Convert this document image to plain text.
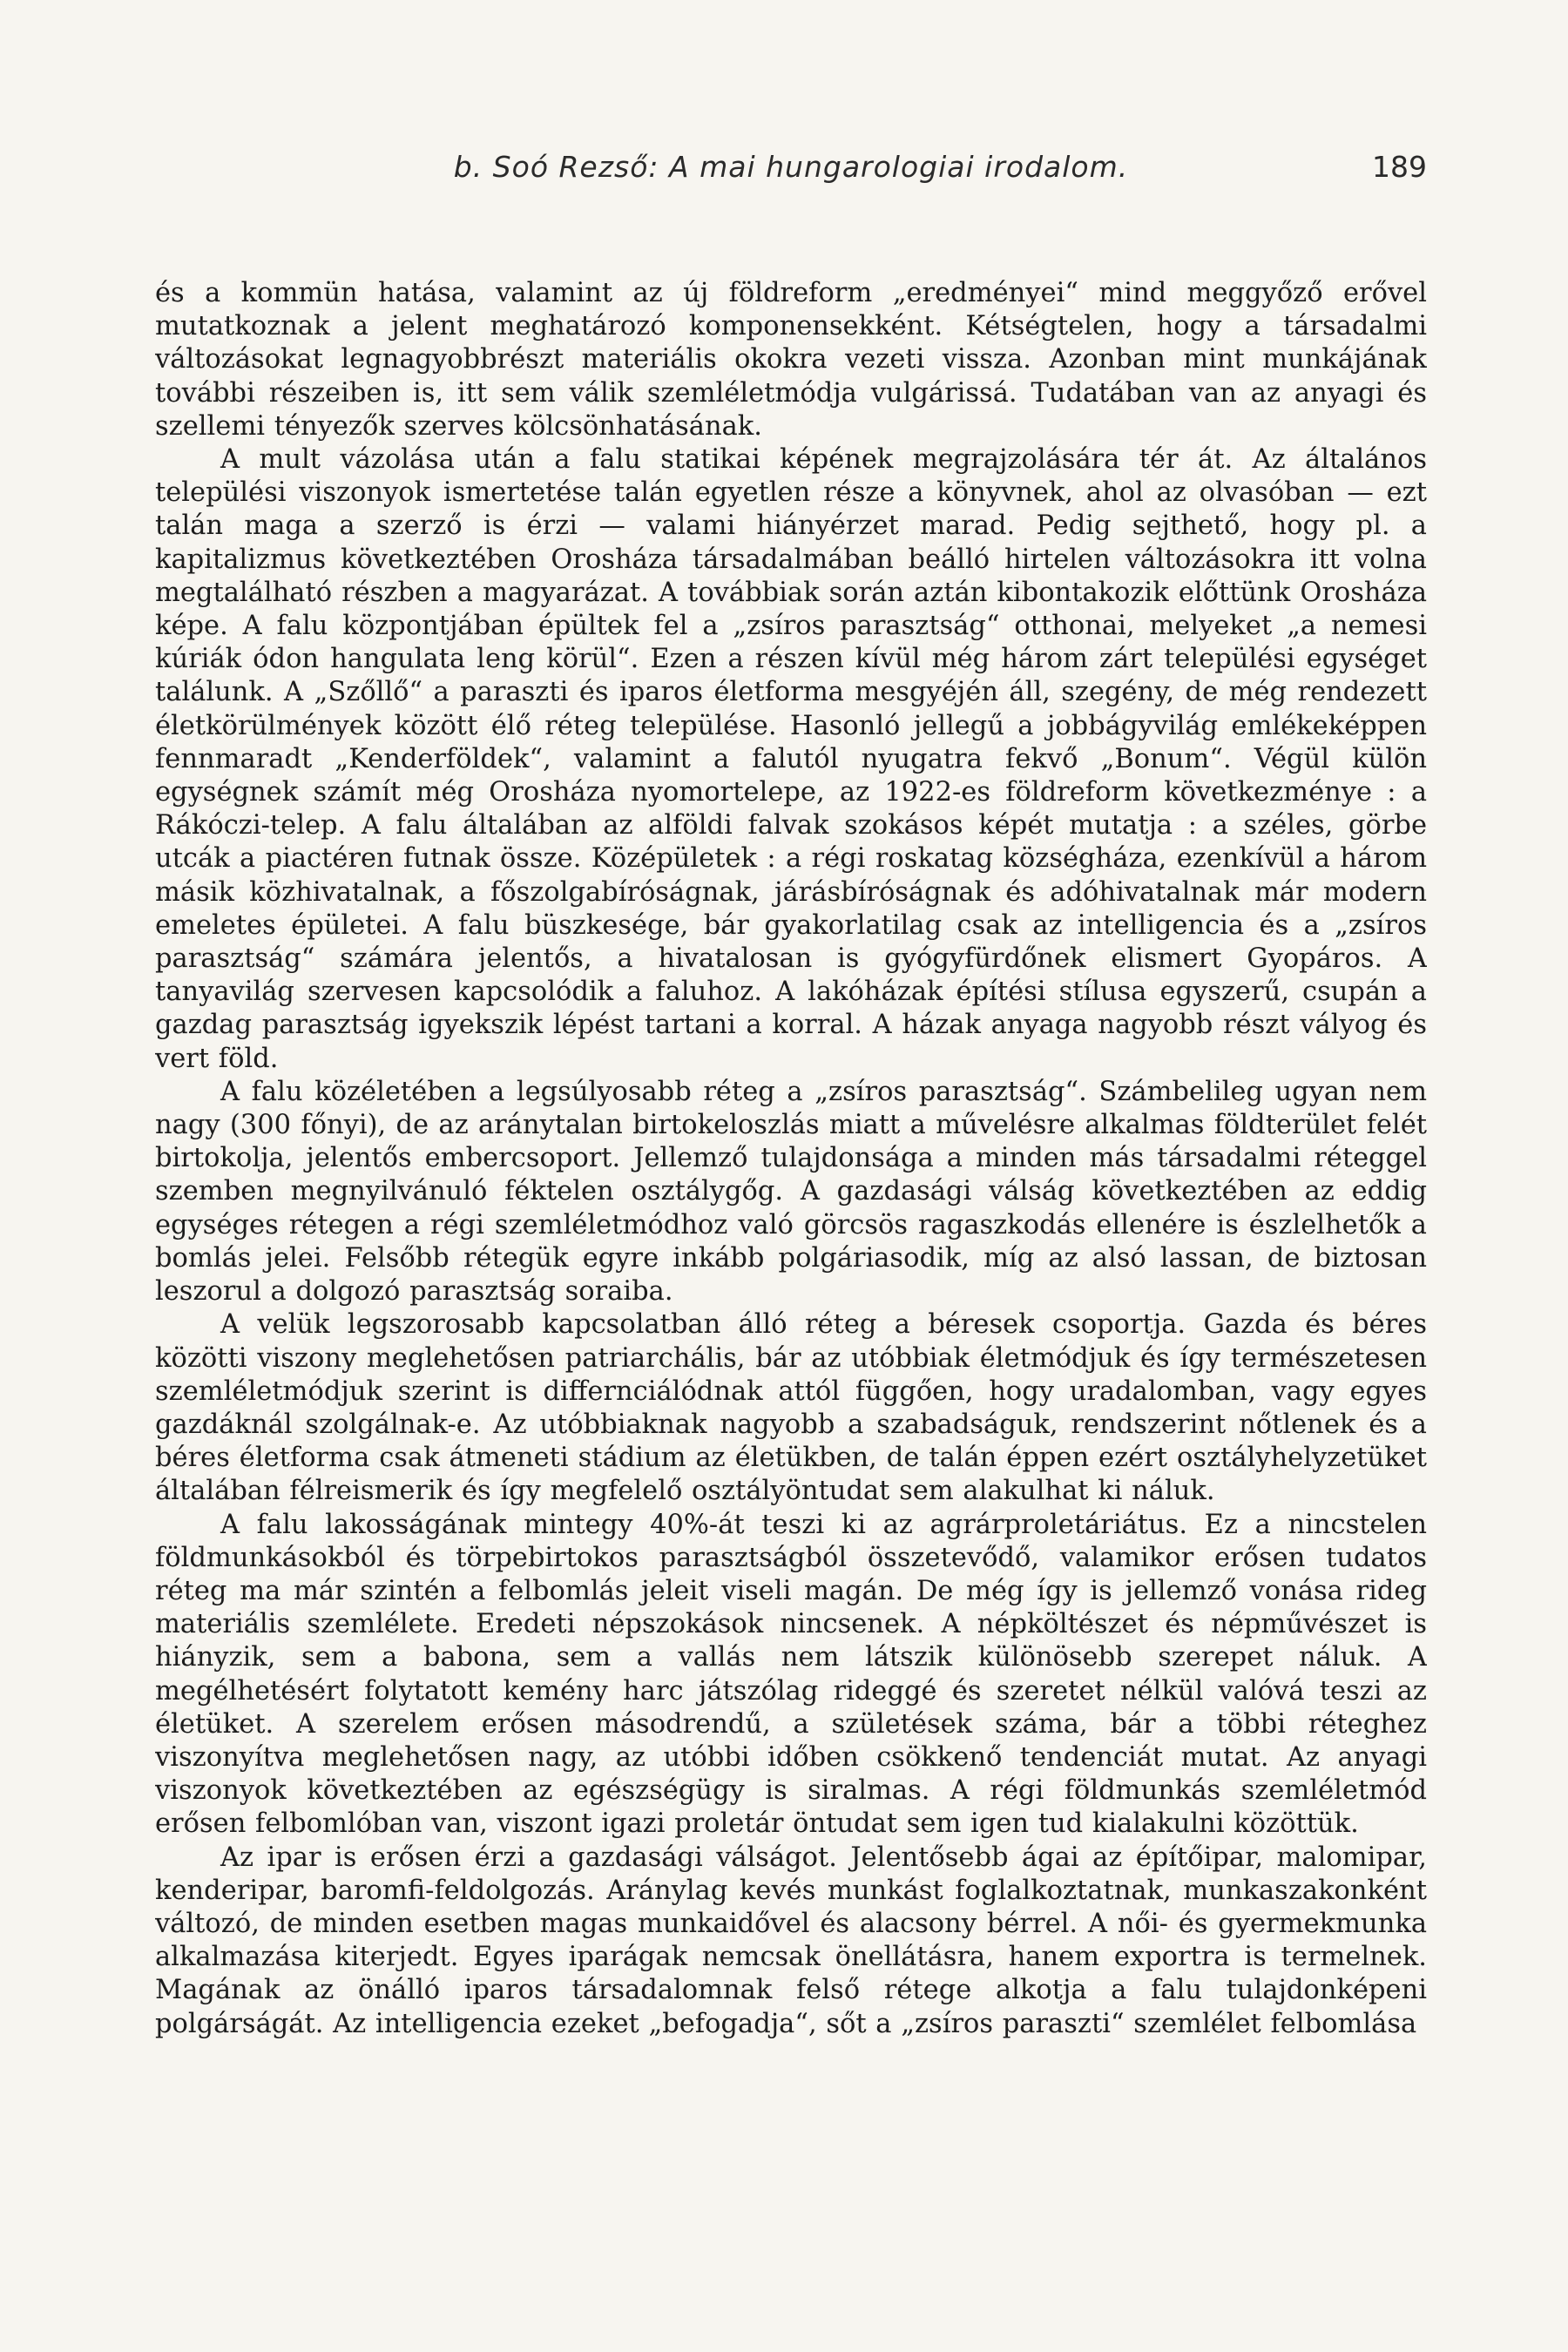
b. Soó Rezső: A mai hungarologiai irodalom.	189

és a kommün hatása, valamint az új földreform „eredményei“ mind meggyőző erővel mutatkoznak a jelent meghatározó komponensekként. Kétségtelen, hogy a társadalmi változásokat legnagyobbrészt materiális okokra vezeti vissza. Azonban mint munkájának további részeiben is, itt sem válik szemléletmódja vulgárissá. Tudatában van az anyagi és szellemi tényezők szerves kölcsönhatásának.

A mult vázolása után a falu statikai képének megrajzolására tér át. Az általános települési viszonyok ismertetése talán egyetlen része a könyvnek, ahol az olvasóban — ezt talán maga a szerző is érzi — valami hiányérzet marad. Pedig sejthető, hogy pl. a kapitalizmus következtében Orosháza társadalmában beálló hirtelen változásokra itt volna megtalálható részben a magyarázat. A továbbiak során aztán kibontakozik előttünk Orosháza képe. A falu központjában épültek fel a „zsíros parasztság“ otthonai, melyeket „a nemesi kúriák ódon hangulata leng körül“. Ezen a részen kívül még három zárt települési egységet találunk. A „Szőllő“ a paraszti és iparos életforma mesgyéjén áll, szegény, de még rendezett életkörülmények között élő réteg települése. Hasonló jellegű a jobbágyvilág emlékeképpen fennmaradt „Kenderföldek“, valamint a falutól nyugatra fekvő „Bonum“. Végül külön egységnek számít még Orosháza nyomortelepe, az 1922-es földreform következménye : a Rákóczi-telep. A falu általában az alföldi falvak szokásos képét mutatja : a széles, görbe utcák a piactéren futnak össze. Középületek : a régi roskatag községháza, ezenkívül a három másik közhivatalnak, a főszolgabíróságnak, járásbíróságnak és adóhivatalnak már modern emeletes épületei. A falu büszkesége, bár gyakorlatilag csak az intelligencia és a „zsíros parasztság“ számára jelentős, a hivatalosan is gyógyfürdőnek elismert Gyopáros. A tanyavilág szervesen kapcsolódik a faluhoz. A lakóházak építési stílusa egyszerű, csupán a gazdag parasztság igyekszik lépést tartani a korral. A házak anyaga nagyobb részt vályog és vert föld.

A falu közéletében a legsúlyosabb réteg a „zsíros parasztság“. Számbelileg ugyan nem nagy (300 főnyi), de az aránytalan birtokeloszlás miatt a művelésre alkalmas földterület felét birtokolja, jelentős embercsoport. Jellemző tulajdonsága a minden más társadalmi réteggel szemben megnyilvánuló féktelen osztálygőg. A gazdasági válság következtében az eddig egységes rétegen a régi szemléletmódhoz való görcsös ragaszkodás ellenére is észlelhetők a bomlás jelei. Felsőbb rétegük egyre inkább polgáriasodik, míg az alsó lassan, de biztosan leszorul a dolgozó parasztság soraiba.

A velük legszorosabb kapcsolatban álló réteg a béresek csoportja. Gazda és béres közötti viszony meglehetősen patriarchális, bár az utóbbiak életmódjuk és így természetesen szemléletmódjuk szerint is differnciálódnak attól függően, hogy uradalomban, vagy egyes gazdáknál szolgálnak-e. Az utóbbiaknak nagyobb a szabadságuk, rendszerint nőtlenek és a béres életforma csak átmeneti stádium az életükben, de talán éppen ezért osztályhelyzetüket általában félreismerik és így megfelelő osztályöntudat sem alakulhat ki náluk.

A falu lakosságának mintegy 40%-át teszi ki az agrárproletáriátus. Ez a nincstelen földmunkásokból és törpebirtokos parasztságból összetevődő, valamikor erősen tudatos réteg ma már szintén a felbomlás jeleit viseli magán. De még így is jellemző vonása rideg materiális szemlélete. Eredeti népszokások nincsenek. A népköltészet és népművészet is hiányzik, sem a babona, sem a vallás nem látszik különösebb szerepet náluk. A megélhetésért folytatott kemény harc játszólag rideggé és szeretet nélkül valóvá teszi az életüket. A szerelem erősen másodrendű, a születések száma, bár a többi réteghez viszonyítva meglehetősen nagy, az utóbbi időben csökkenő tendenciát mutat. Az anyagi viszonyok következtében az egészségügy is siralmas. A régi földmunkás szemléletmód erősen felbomlóban van, viszont igazi proletár öntudat sem igen tud kialakulni közöttük.

Az ipar is erősen érzi a gazdasági válságot. Jelentősebb ágai az építőipar, malomipar, kenderipar, baromfi-feldolgozás. Aránylag kevés munkást foglalkoztatnak, munkaszakonként változó, de minden esetben magas munkaidővel és alacsony bérrel. A női- és gyermekmunka alkalmazása kiterjedt. Egyes iparágak nemcsak önellátásra, hanem exportra is termelnek. Magának az önálló iparos társadalomnak felső rétege alkotja a falu tulajdonképeni polgárságát. Az intelligencia ezeket „befogadja“, sőt a „zsíros paraszti“ szemlélet felbomlása
